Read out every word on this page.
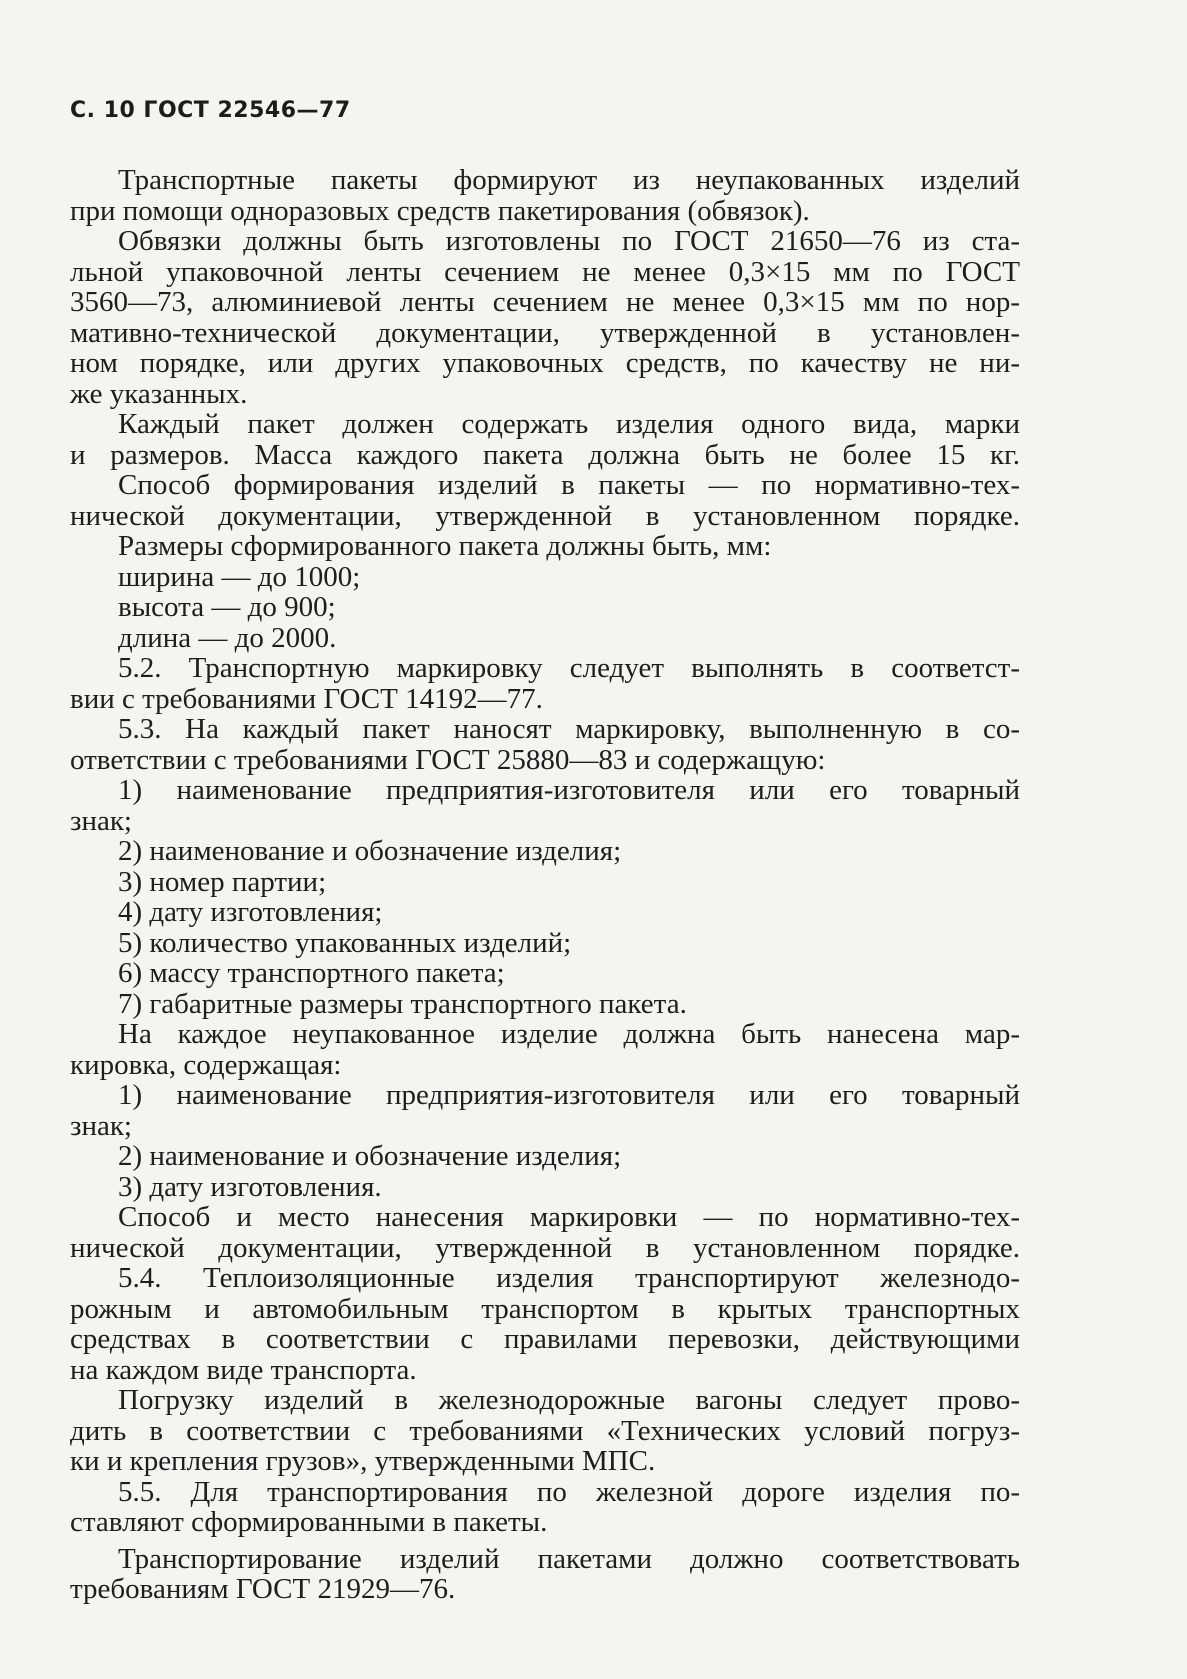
С. 10 ГОСТ 22546—77
Транспортные пакеты формируют из неупакованных изделий
при помощи одноразовых средств пакетирования (обвязок).
Обвязки должны быть изготовлены по ГОСТ 21650—76 из ста-
льной упаковочной ленты сечением не менее 0,3×15 мм по ГОСТ
3560—73, алюминиевой ленты сечением не менее 0,3×15 мм по нор-
мативно-технической документации, утвержденной в установлен-
ном порядке, или других упаковочных средств, по качеству не ни-
же указанных.
Каждый пакет должен содержать изделия одного вида, марки
и размеров. Масса каждого пакета должна быть не более 15 кг.
Способ формирования изделий в пакеты — по нормативно-тех-
нической документации, утвержденной в установленном порядке.
Размеры сформированного пакета должны быть, мм:
ширина — до 1000;
высота — до 900;
длина — до 2000.
5.2. Транспортную маркировку следует выполнять в соответст-
вии с требованиями ГОСТ 14192—77.
5.3. На каждый пакет наносят маркировку, выполненную в со-
ответствии с требованиями ГОСТ 25880—83 и содержащую:
1) наименование предприятия-изготовителя или его товарный
знак;
2) наименование и обозначение изделия;
3) номер партии;
4) дату изготовления;
5) количество упакованных изделий;
6) массу транспортного пакета;
7) габаритные размеры транспортного пакета.
На каждое неупакованное изделие должна быть нанесена мар-
кировка, содержащая:
1) наименование предприятия-изготовителя или его товарный
знак;
2) наименование и обозначение изделия;
3) дату изготовления.
Способ и место нанесения маркировки — по нормативно-тех-
нической документации, утвержденной в установленном порядке.
5.4. Теплоизоляционные изделия транспортируют железнодо-
рожным и автомобильным транспортом в крытых транспортных
средствах в соответствии с правилами перевозки, действующими
на каждом виде транспорта.
Погрузку изделий в железнодорожные вагоны следует прово-
дить в соответствии с требованиями «Технических условий погруз-
ки и крепления грузов», утвержденными МПС.
5.5. Для транспортирования по железной дороге изделия по-
ставляют сформированными в пакеты.
Транспортирование изделий пакетами должно соответствовать
требованиям ГОСТ 21929—76.
